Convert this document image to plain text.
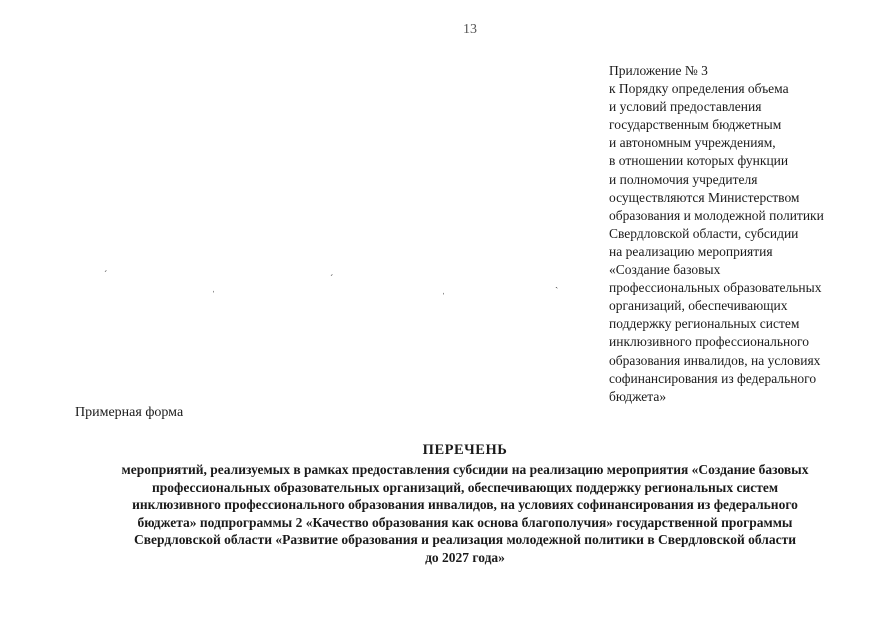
13
Приложение № 3
к Порядку определения объема
и условий предоставления
государственным бюджетным
и автономным учреждениям,
в отношении которых функции
и полномочия учредителя
осуществляются Министерством
образования и молодежной политики
Свердловской области, субсидии
на реализацию мероприятия
«Создание базовых
профессиональных образовательных
организаций, обеспечивающих
поддержку региональных систем
инклюзивного профессионального
образования инвалидов, на условиях
софинансирования из федерального
бюджета»
ˊ
ˌ
ˊ
ˌ
ˏ
Примерная форма
ПЕРЕЧЕНЬ
мероприятий, реализуемых в рамках предоставления субсидии на реализацию мероприятия «Создание базовых
профессиональных образовательных организаций, обеспечивающих поддержку региональных систем
инклюзивного профессионального образования инвалидов, на условиях софинансирования из федерального
бюджета» подпрограммы 2 «Качество образования как основа благополучия» государственной программы
Свердловской области «Развитие образования и реализация молодежной политики в Свердловской области
до 2027 года»
